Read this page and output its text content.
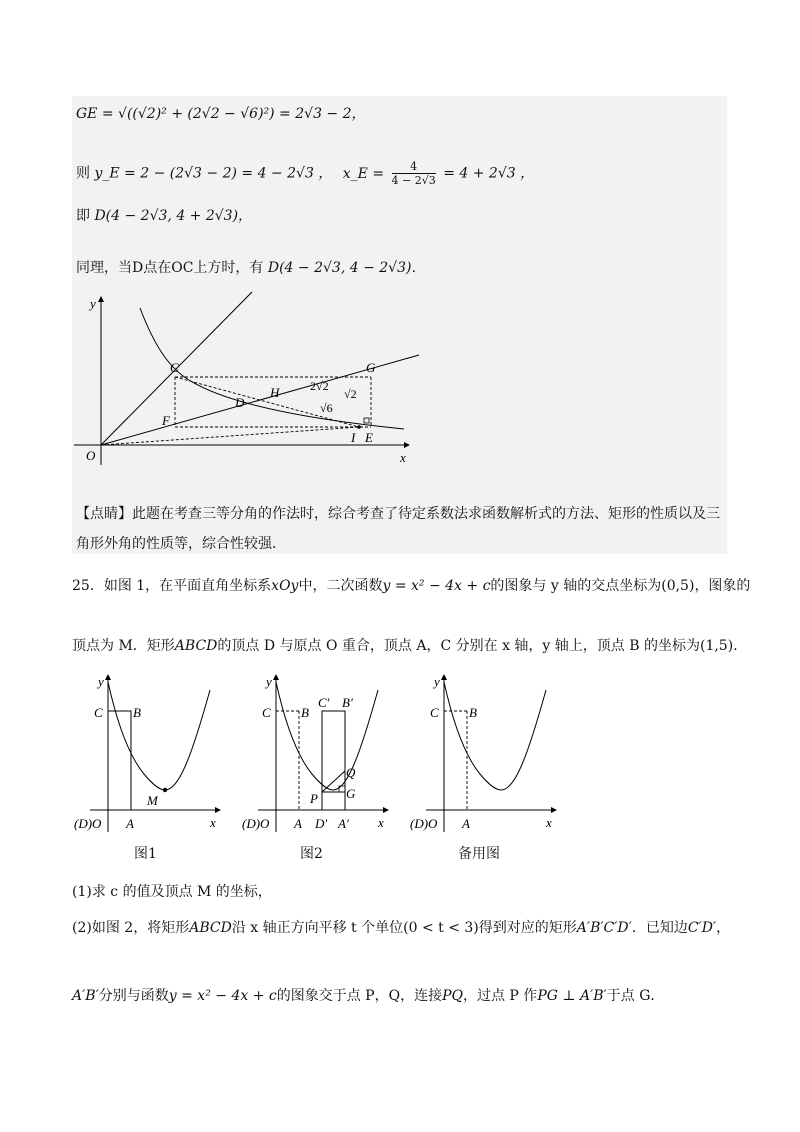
GE = √((√2)² + (2√2 − √6)²) = 2√3 − 2，
则 y_E = 2 − (2√3 − 2) = 4 − 2√3 ， x_E = $\frac{4}{4 - 2√3} = 4 + 2√3$ ，
即 D(4 − 2√3, 4 + 2√3)，
同理，当D点在OC上方时，有 D(4 − 2√3, 4 − 2√3)．
y
x
O
C	G
H
D
F
I E
2√2
√2
√6
【点睛】此题在考查三等分角的作法时，综合考查了待定系数法求函数解析式的方法、矩形的性质以及三
角形外角的性质等，综合性较强．
25．如图 1，在平面直角坐标系xOy中，二次函数y = x² − 4x + c的图象与 y 轴的交点坐标为(0,5)，图象的
顶点为 M．矩形ABCD的顶点 D 与原点 O 重合，顶点 A，C 分别在 x 轴，y 轴上，顶点 B 的坐标为(1,5)．
y
x
C B
M
(D)O A
图1
y
x
C B
C′ B′
P
Q
G
(D)O A D′ A′
图2
y
x
C B
(D)O A
备用图
(1)求 c 的值及顶点 M 的坐标，
(2)如图 2，将矩形ABCD沿 x 轴正方向平移 t 个单位(0 < t < 3)得到对应的矩形A′B′C′D′．已知边C′D′，
A′B′分别与函数y = x² − 4x + c的图象交于点 P，Q，连接PQ，过点 P 作PG ⊥ A′B′于点 G．
